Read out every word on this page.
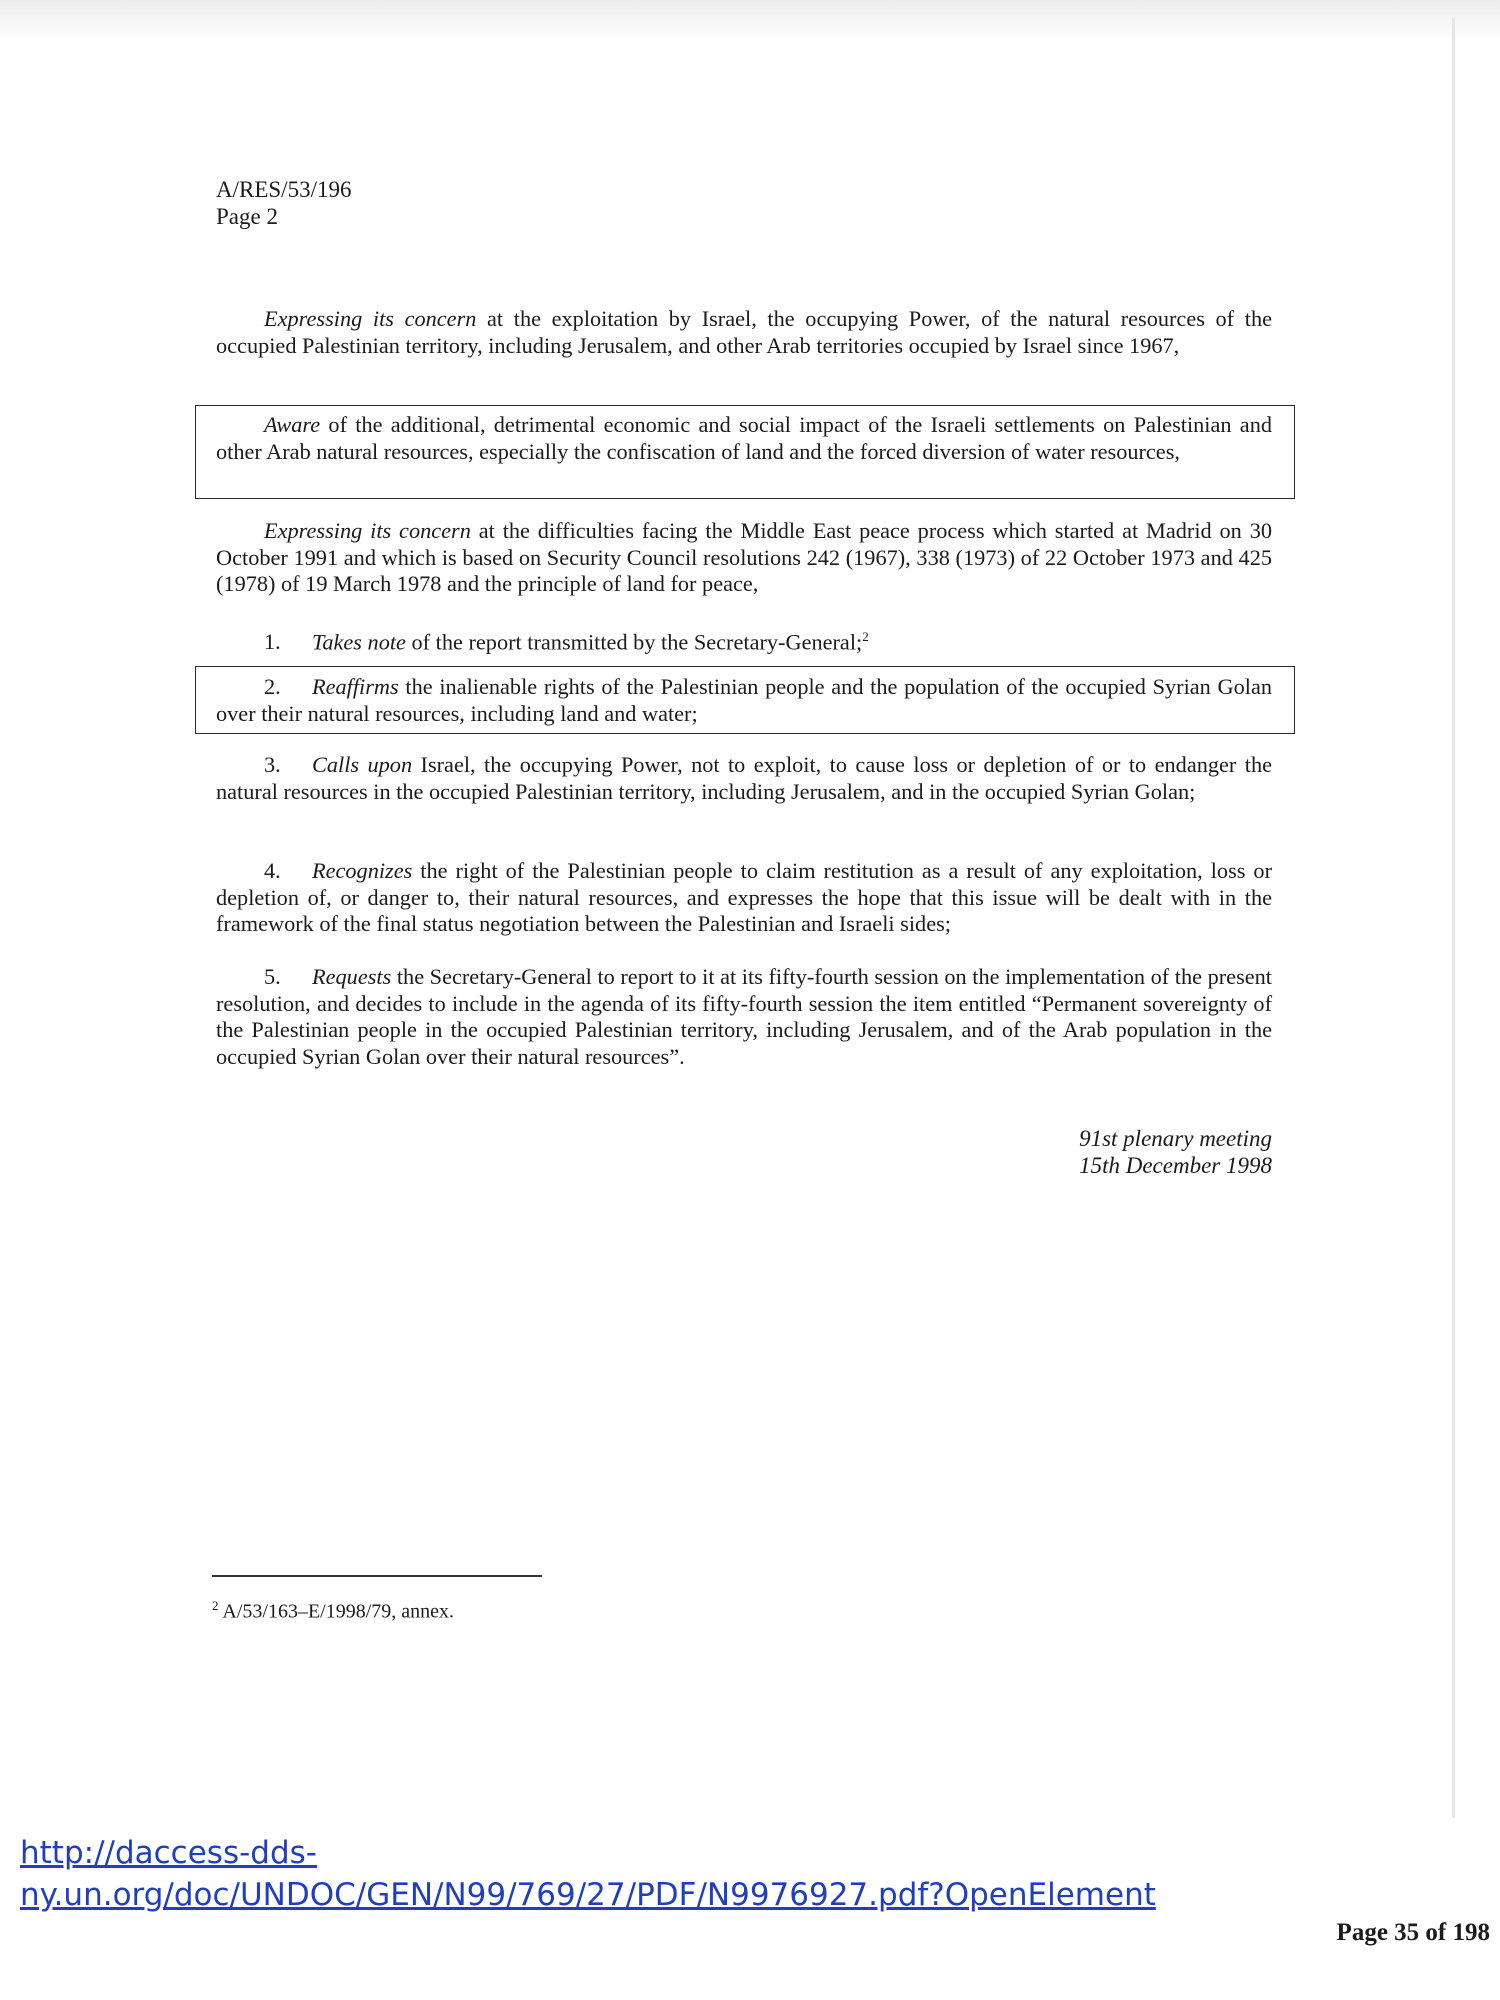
A/RES/53/196
Page 2
Expressing its concern at the exploitation by Israel, the occupying Power, of the natural resources of the occupied Palestinian territory, including Jerusalem, and other Arab territories occupied by Israel since 1967,
Aware of the additional, detrimental economic and social impact of the Israeli settlements on Palestinian and other Arab natural resources, especially the confiscation of land and the forced diversion of water resources,
Expressing its concern at the difficulties facing the Middle East peace process which started at Madrid on 30 October 1991 and which is based on Security Council resolutions 242 (1967), 338 (1973) of 22 October 1973 and 425 (1978) of 19 March 1978 and the principle of land for peace,
1. Takes note of the report transmitted by the Secretary-General;$^2$
2. Reaffirms the inalienable rights of the Palestinian people and the population of the occupied Syrian Golan over their natural resources, including land and water;
3. Calls upon Israel, the occupying Power, not to exploit, to cause loss or depletion of or to endanger the natural resources in the occupied Palestinian territory, including Jerusalem, and in the occupied Syrian Golan;
4. Recognizes the right of the Palestinian people to claim restitution as a result of any exploitation, loss or depletion of, or danger to, their natural resources, and expresses the hope that this issue will be dealt with in the framework of the final status negotiation between the Palestinian and Israeli sides;
5. Requests the Secretary-General to report to it at its fifty-fourth session on the implementation of the present resolution, and decides to include in the agenda of its fifty-fourth session the item entitled “Permanent sovereignty of the Palestinian people in the occupied Palestinian territory, including Jerusalem, and of the Arab population in the occupied Syrian Golan over their natural resources”.
91st plenary meeting
15th December 1998
$^2$ A/53/163–E/1998/79, annex.
http://daccess-dds-
ny.un.org/doc/UNDOC/GEN/N99/769/27/PDF/N9976927.pdf?OpenElement
Page 35 of 198
